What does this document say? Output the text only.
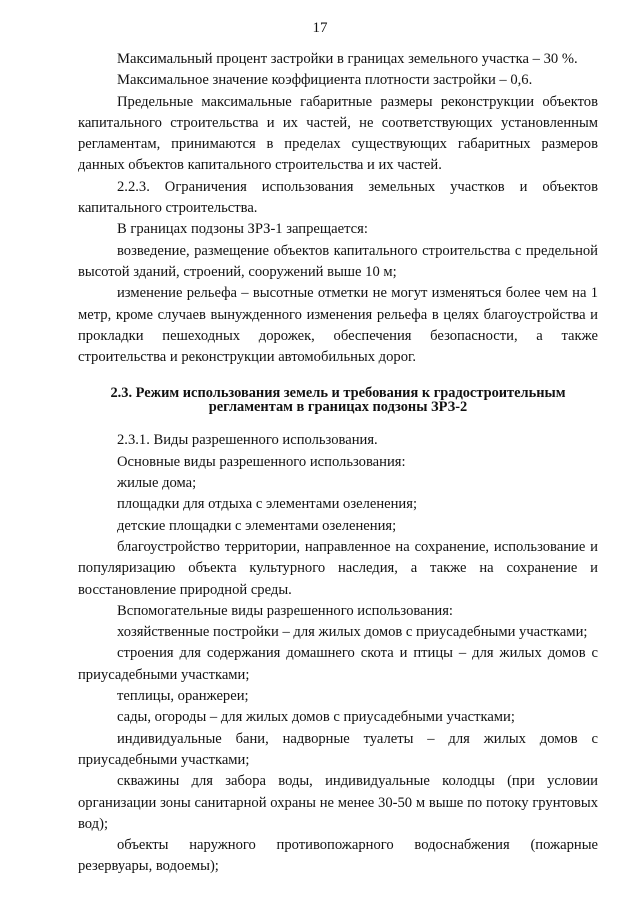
17

Максимальный процент застройки в границах земельного участка – 30 %.

Максимальное значение коэффициента плотности застройки – 0,6.

Предельные максимальные габаритные размеры реконструкции объектов капитального строительства и их частей, не соответствующих установленным регламентам, принимаются в пределах существующих габаритных размеров данных объектов капитального строительства и их частей.

2.2.3. Ограничения использования земельных участков и объектов капитального строительства.

В границах подзоны ЗРЗ-1 запрещается:

возведение, размещение объектов капитального строительства с предельной высотой зданий, строений, сооружений выше 10 м;

изменение рельефа – высотные отметки не могут изменяться более чем на 1 метр, кроме случаев вынужденного изменения рельефа в целях благоустройства и прокладки пешеходных дорожек, обеспечения безопасности, а также строительства и реконструкции автомобильных дорог.

2.3. Режим использования земель и требования к градостроительным регламентам в границах подзоны ЗРЗ-2

2.3.1. Виды разрешенного использования.

Основные виды разрешенного использования:

жилые дома;

площадки для отдыха с элементами озеленения;

детские площадки с элементами озеленения;

благоустройство территории, направленное на сохранение, использование и популяризацию объекта культурного наследия, а также на сохранение и восстановление природной среды.

Вспомогательные виды разрешенного использования:

хозяйственные постройки – для жилых домов с приусадебными участками;

строения для содержания домашнего скота и птицы – для жилых домов с приусадебными участками;

теплицы, оранжереи;

сады, огороды – для жилых домов с приусадебными участками;

индивидуальные бани, надворные туалеты – для жилых домов с приусадебными участками;

скважины для забора воды, индивидуальные колодцы (при условии организации зоны санитарной охраны не менее 30-50 м выше по потоку грунтовых вод);

объекты наружного противопожарного водоснабжения (пожарные резервуары, водоемы);
